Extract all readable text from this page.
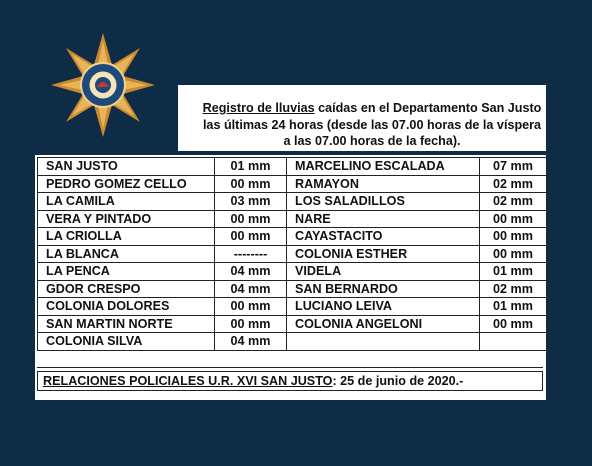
Registro de lluvias caídas en el Departamento San Justo las últimas 24 horas (desde las 07.00 horas de la víspera a las 07.00 horas de la fecha).
SAN JUSTO	01 mm	MARCELINO ESCALADA	07 mm
PEDRO GOMEZ CELLO	00 mm	RAMAYON	02 mm
LA CAMILA	03 mm	LOS SALADILLOS	02 mm
VERA Y PINTADO	00 mm	NARE	00 mm
LA CRIOLLA	00 mm	CAYASTACITO	00 mm
LA BLANCA	--------	COLONIA ESTHER	00 mm
LA PENCA	04 mm	VIDELA	01 mm
GDOR CRESPO	04 mm	SAN BERNARDO	02 mm
COLONIA DOLORES	00 mm	LUCIANO LEIVA	01 mm
SAN MARTIN NORTE	00 mm	COLONIA ANGELONI	00 mm
COLONIA SILVA	04 mm		
RELACIONES POLICIALES U.R. XVI SAN JUSTO: 25 de junio de 2020.-
